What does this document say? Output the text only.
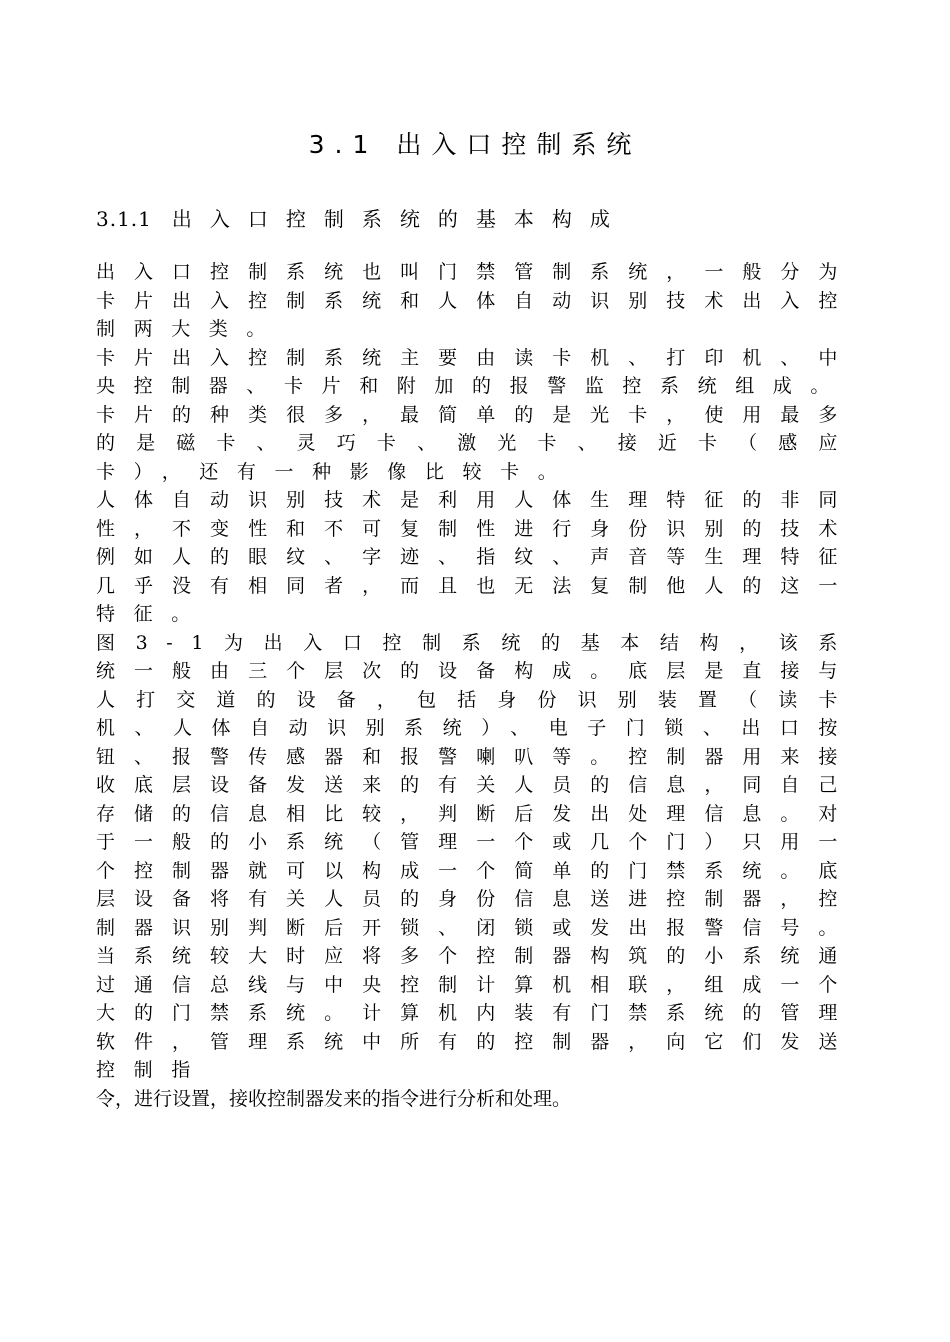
3.1 出入口控制系统
3.1.1 出入口控制系统的基本构成

出入口控制系统也叫门禁管制系统，一般分为卡片出入控制系统和人体自动识别技术出入控制两大类。

卡片出入控制系统主要由读卡机、打印机、中央控制器、卡片和附加的报警监控系统组成。

卡片的种类很多，最简单的是光卡，使用最多的是磁卡、灵巧卡、激光卡、接近卡（感应卡），还有一种影像比较卡。

人体自动识别技术是利用人体生理特征的非同性，不变性和不可复制性进行身份识别的技术例如人的眼纹、字迹、指纹、声音等生理特征几乎没有相同者，而且也无法复制他人的这一特征。

图3-1为出入口控制系统的基本结构，该系统一般由三个层次的设备构成。底层是直接与人打交道的设备，包括身份识别装置（读卡机、人体自动识别系统）、电子门锁、出口按钮、报警传感器和报警喇叭等。控制器用来接收底层设备发送来的有关人员的信息，同自己存储的信息相比较，判断后发出处理信息。对于一般的小系统（管理一个或几个门）只用一个控制器就可以构成一个简单的门禁系统。底层设备将有关人员的身份信息送进控制器，控制器识别判断后开锁、闭锁或发出报警信号。当系统较大时应将多个控制器构筑的小系统通过通信总线与中央控制计算机相联，组成一个大的门禁系统。计算机内装有门禁系统的管理软件，管理系统中所有的控制器，向它们发送控制指

令，进行设置，接收控制器发来的指令进行分析和处理。
